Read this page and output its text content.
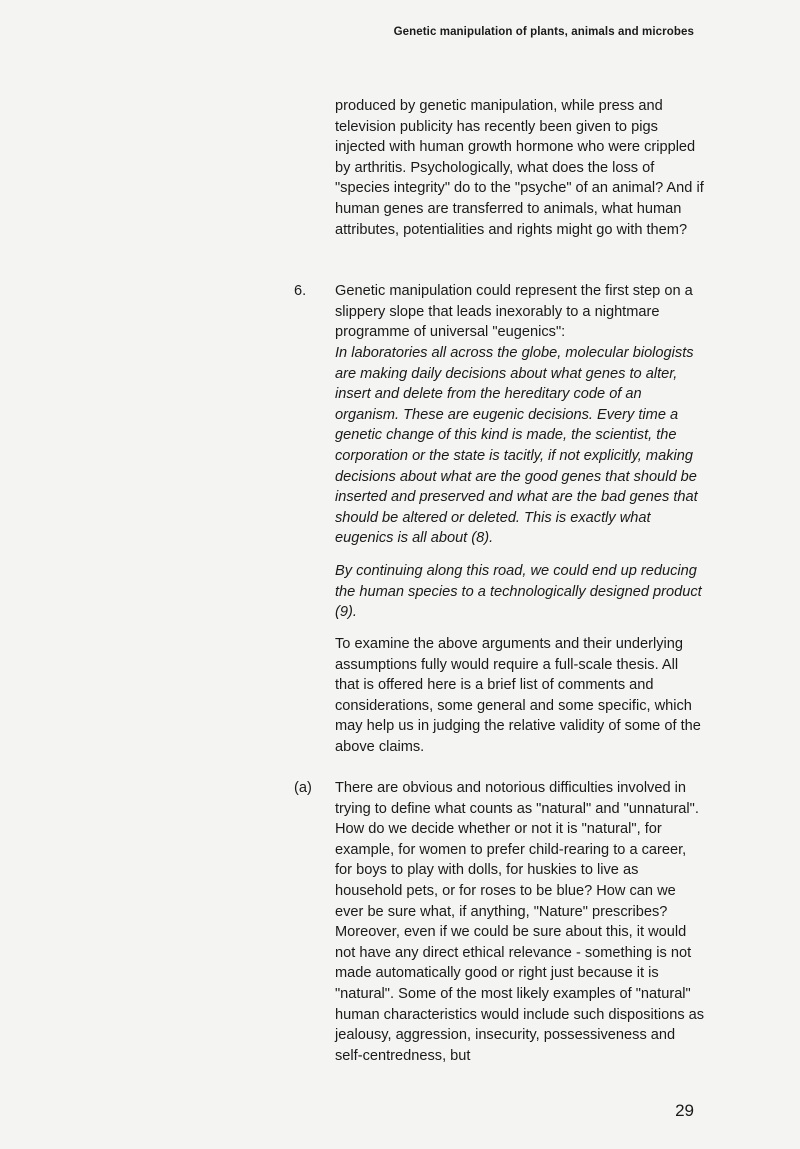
Genetic manipulation of plants, animals and microbes

produced by genetic manipulation, while press and television publicity has recently been given to pigs injected with human growth hormone who were crippled by arthritis. Psychologically, what does the loss of "species integrity" do to the "psyche" of an animal? And if human genes are transferred to animals, what human attributes, potentialities and rights might go with them?

6. Genetic manipulation could represent the first step on a slippery slope that leads inexorably to a nightmare programme of universal "eugenics":

In laboratories all across the globe, molecular biologists are making daily decisions about what genes to alter, insert and delete from the hereditary code of an organism. These are eugenic decisions. Every time a genetic change of this kind is made, the scientist, the corporation or the state is tacitly, if not explicitly, making decisions about what are the good genes that should be inserted and preserved and what are the bad genes that should be altered or deleted. This is exactly what eugenics is all about (8).

By continuing along this road, we could end up reducing the human species to a technologically designed product (9).

To examine the above arguments and their underlying assumptions fully would require a full-scale thesis. All that is offered here is a brief list of comments and considerations, some general and some specific, which may help us in judging the relative validity of some of the above claims.

(a) There are obvious and notorious difficulties involved in trying to define what counts as "natural" and "unnatural". How do we decide whether or not it is "natural", for example, for women to prefer child-rearing to a career, for boys to play with dolls, for huskies to live as household pets, or for roses to be blue? How can we ever be sure what, if anything, "Nature" prescribes? Moreover, even if we could be sure about this, it would not have any direct ethical relevance - something is not made automatically good or right just because it is "natural". Some of the most likely examples of "natural" human characteristics would include such dispositions as jealousy, aggression, insecurity, possessiveness and self-centredness, but

29
